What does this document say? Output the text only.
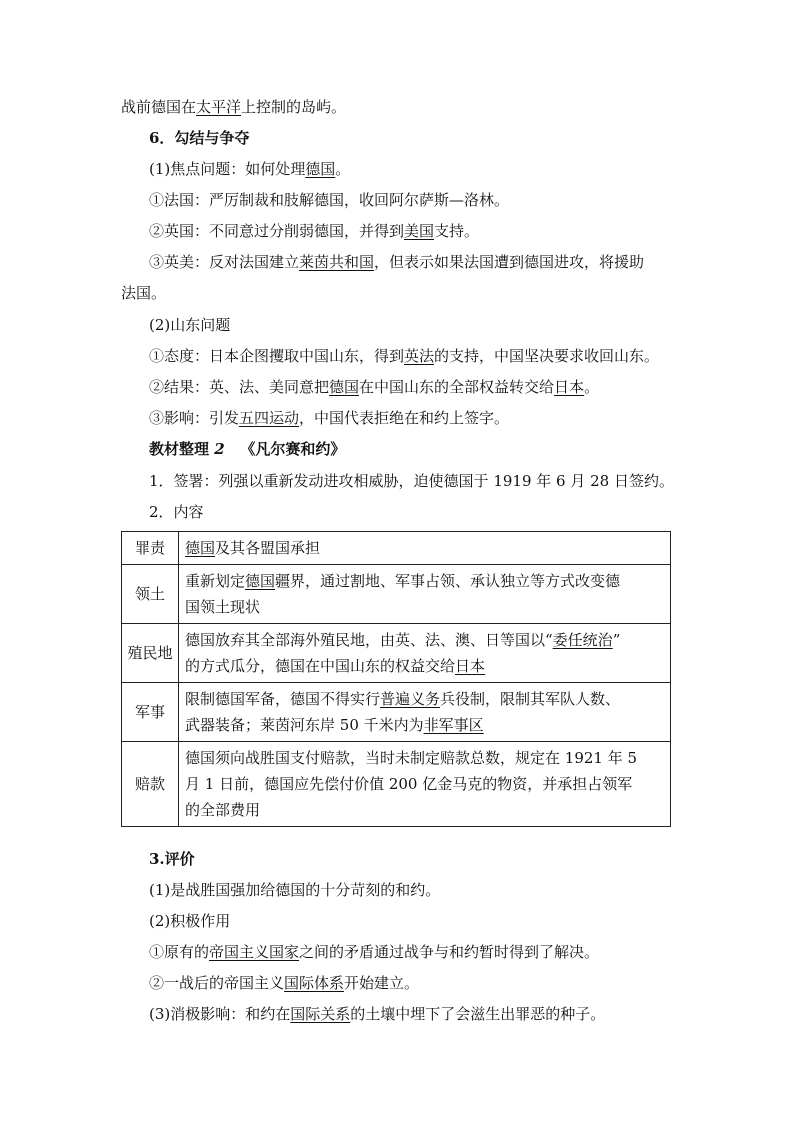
战前德国在太平洋上控制的岛屿。
6．勾结与争夺
(1)焦点问题：如何处理德国。
①法国：严厉制裁和肢解德国，收回阿尔萨斯—洛林。
②英国：不同意过分削弱德国，并得到美国支持。
③英美：反对法国建立莱茵共和国，但表示如果法国遭到德国进攻，将援助
法国。
(2)山东问题
①态度：日本企图攫取中国山东，得到英法的支持，中国坚决要求收回山东。
②结果：英、法、美同意把德国在中国山东的全部权益转交给日本。
③影响：引发五四运动，中国代表拒绝在和约上签字。
教材整理 2 《凡尔赛和约》
1．签署：列强以重新发动进攻相威胁，迫使德国于 1919 年 6 月 28 日签约。
2．内容
罪责	德国及其各盟国承担
领土	重新划定德国疆界，通过割地、军事占领、承认独立等方式改变德
国领土现状
殖民地	德国放弃其全部海外殖民地，由英、法、澳、日等国以“委任统治”
的方式瓜分，德国在中国山东的权益交给日本
军事	限制德国军备，德国不得实行普遍义务兵役制，限制其军队人数、
武器装备；莱茵河东岸 50 千米内为非军事区
赔款	德国须向战胜国支付赔款，当时未制定赔款总数，规定在 1921 年 5
月 1 日前，德国应先偿付价值 200 亿金马克的物资，并承担占领军
的全部费用
3.评价
(1)是战胜国强加给德国的十分苛刻的和约。
(2)积极作用
①原有的帝国主义国家之间的矛盾通过战争与和约暂时得到了解决。
②一战后的帝国主义国际体系开始建立。
(3)消极影响：和约在国际关系的土壤中埋下了会滋生出罪恶的种子。
